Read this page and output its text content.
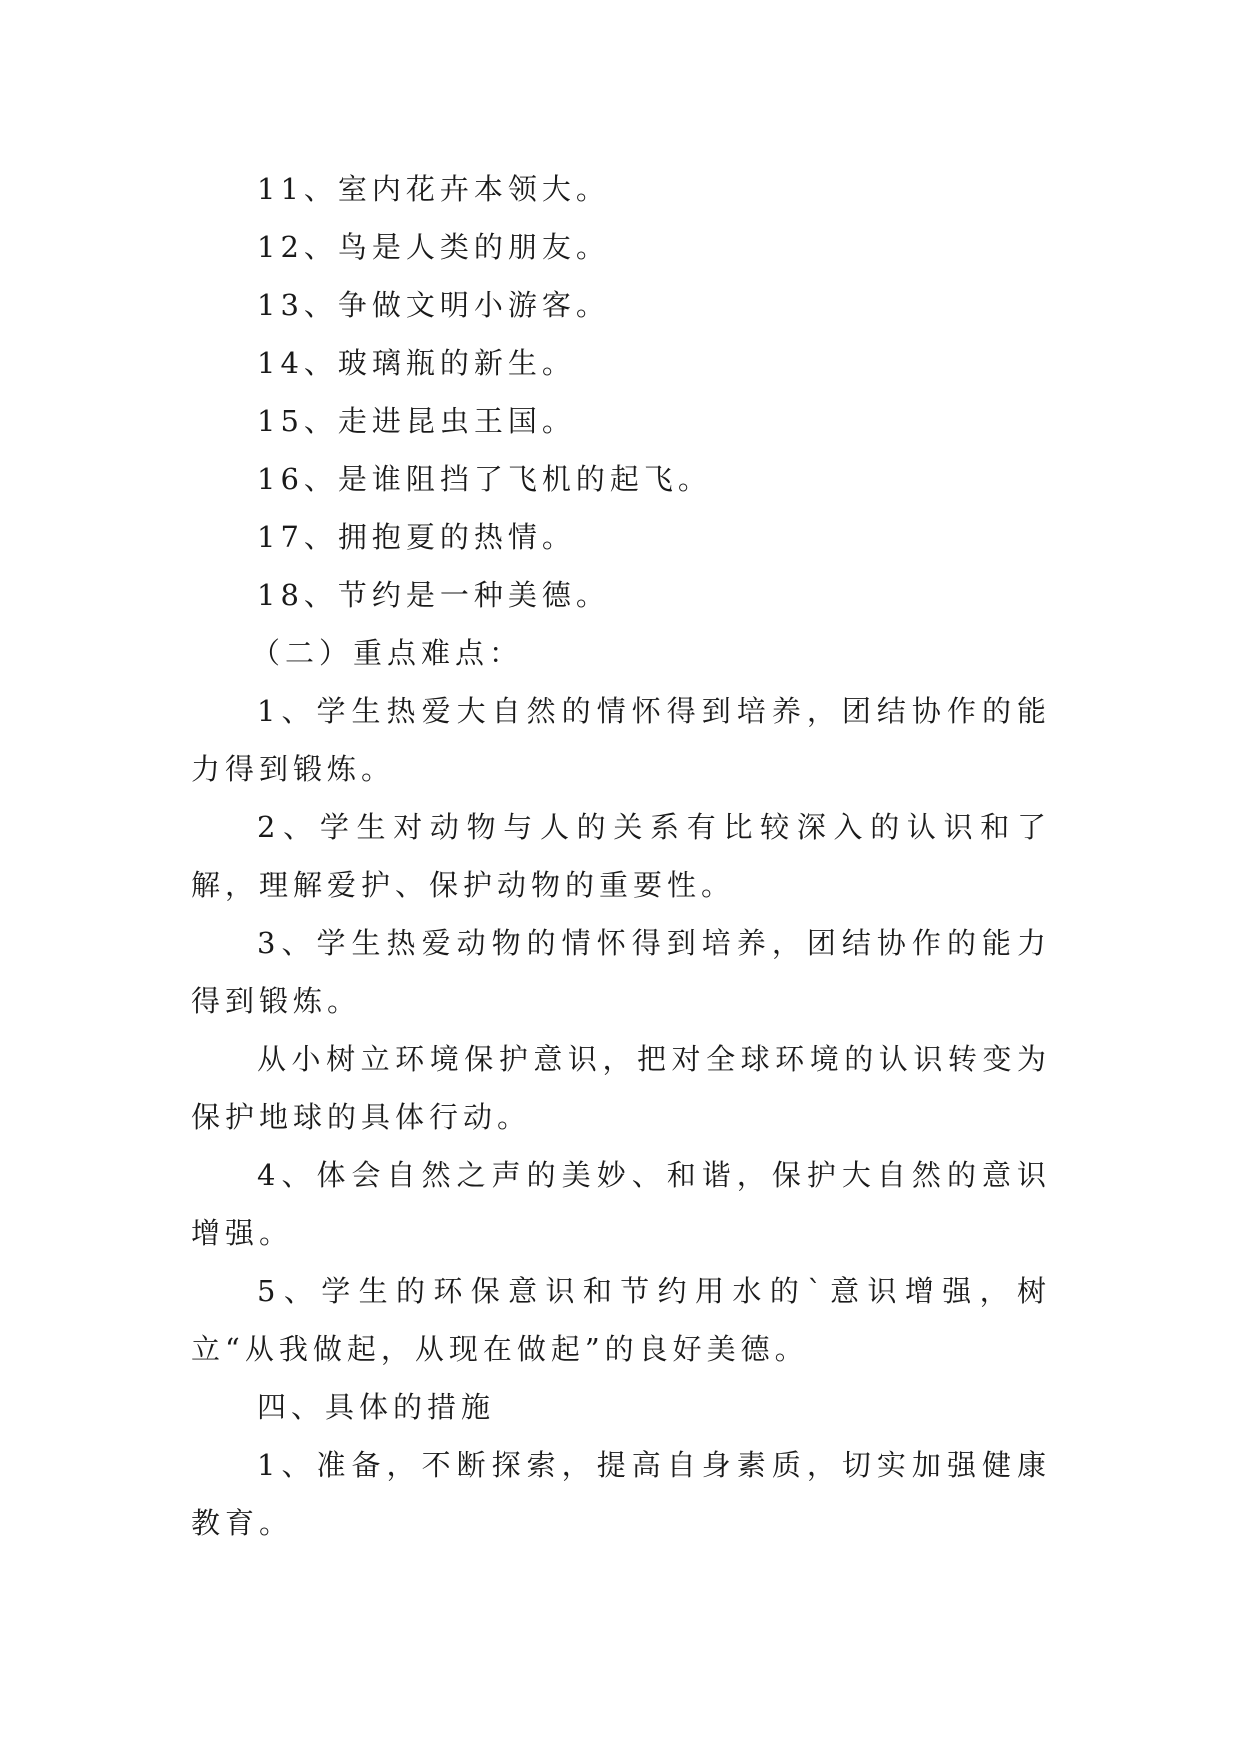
11、室内花卉本领大。

12、鸟是人类的朋友。

13、争做文明小游客。

14、玻璃瓶的新生。

15、走进昆虫王国。

16、是谁阻挡了飞机的起飞。

17、拥抱夏的热情。

18、节约是一种美德。

（二）重点难点：

1、学生热爱大自然的情怀得到培养，团结协作的能力得到锻炼。

2、学生对动物与人的关系有比较深入的认识和了解，理解爱护、保护动物的重要性。

3、学生热爱动物的情怀得到培养，团结协作的能力得到锻炼。

从小树立环境保护意识，把对全球环境的认识转变为保护地球的具体行动。

4、体会自然之声的美妙、和谐，保护大自然的意识增强。

5、学生的环保意识和节约用水的`意识增强，树立“从我做起，从现在做起”的良好美德。

四、具体的措施

1、准备，不断探索，提高自身素质，切实加强健康教育。
